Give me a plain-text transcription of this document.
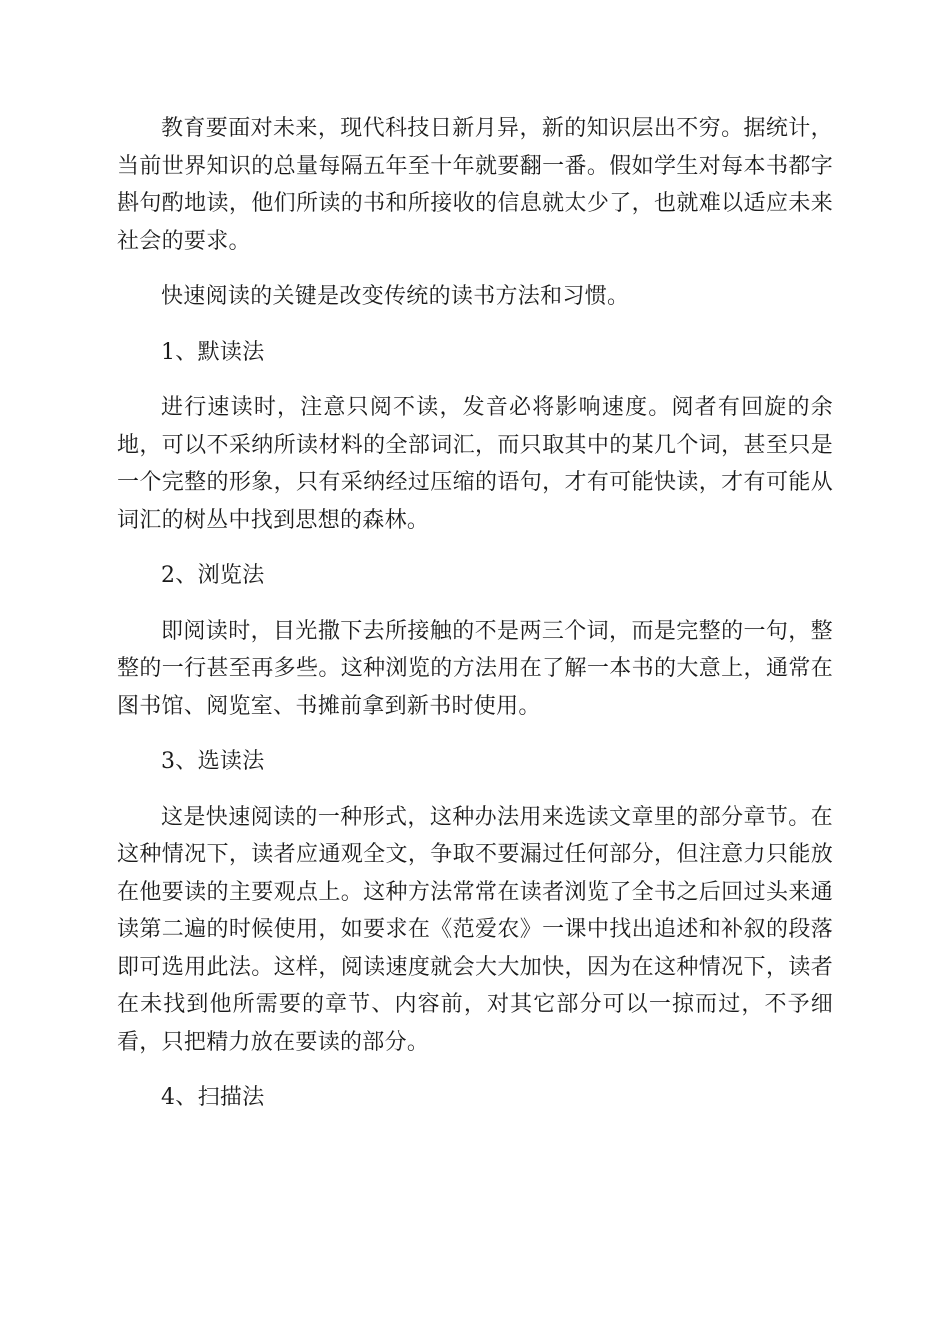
教育要面对未来，现代科技日新月异，新的知识层出不穷。据统计，当前世界知识的总量每隔五年至十年就要翻一番。假如学生对每本书都字斟句酌地读，他们所读的书和所接收的信息就太少了，也就难以适应未来社会的要求。

快速阅读的关键是改变传统的读书方法和习惯。

1、默读法

进行速读时，注意只阅不读，发音必将影响速度。阅者有回旋的余地，可以不采纳所读材料的全部词汇，而只取其中的某几个词，甚至只是一个完整的形象，只有采纳经过压缩的语句，才有可能快读，才有可能从词汇的树丛中找到思想的森林。

2、浏览法

即阅读时，目光撒下去所接触的不是两三个词，而是完整的一句，整整的一行甚至再多些。这种浏览的方法用在了解一本书的大意上，通常在图书馆、阅览室、书摊前拿到新书时使用。

3、选读法

这是快速阅读的一种形式，这种办法用来选读文章里的部分章节。在这种情况下，读者应通观全文，争取不要漏过任何部分，但注意力只能放在他要读的主要观点上。这种方法常常在读者浏览了全书之后回过头来通读第二遍的时候使用，如要求在《范爱农》一课中找出追述和补叙的段落即可选用此法。这样，阅读速度就会大大加快，因为在这种情况下，读者在未找到他所需要的章节、内容前，对其它部分可以一掠而过，不予细看，只把精力放在要读的部分。

4、扫描法
